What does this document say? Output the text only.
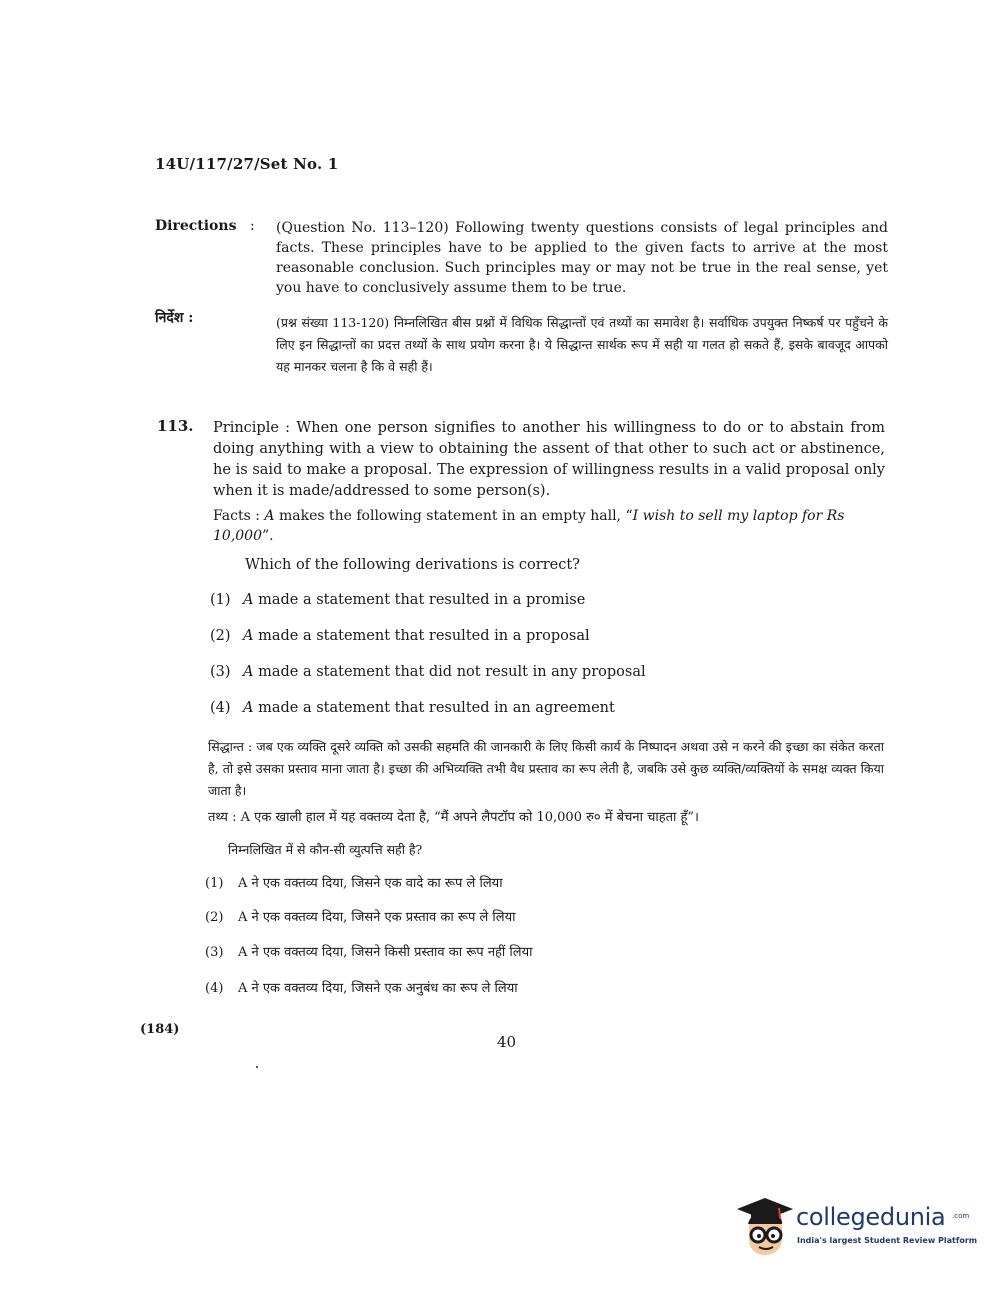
14U/117/27/Set No. 1
Directions : (Question No. 113–120) Following twenty questions consists of legal principles and facts. These principles have to be applied to the given facts to arrive at the most reasonable conclusion. Such principles may or may not be true in the real sense, yet you have to conclusively assume them to be true.
निर्देश :	(प्रश्न संख्या 113-120) निम्नलिखित बीस प्रश्नों में विधिक सिद्धान्तों एवं तथ्यों का समावेश है। सर्वाधिक उपयुक्त निष्कर्ष पर पहुँचने के लिए इन सिद्धान्तों का प्रदत्त तथ्यों के साथ प्रयोग करना है। ये सिद्धान्त सार्थक रूप में सही या गलत हो सकते हैं, इसके बावजूद आपको यह मानकर चलना है कि वे सही हैं।
113. Principle : When one person signifies to another his willingness to do or to abstain from doing anything with a view to obtaining the assent of that other to such act or abstinence, he is said to make a proposal. The expression of willingness results in a valid proposal only when it is made/addressed to some person(s).
Facts : A makes the following statement in an empty hall, “I wish to sell my laptop for Rs 10,000”.
Which of the following derivations is correct?
(1) A made a statement that resulted in a promise
(2) A made a statement that resulted in a proposal
(3) A made a statement that did not result in any proposal
(4) A made a statement that resulted in an agreement
सिद्धान्त : जब एक व्यक्ति दूसरे व्यक्ति को उसकी सहमति की जानकारी के लिए किसी कार्य के निष्पादन अथवा उसे न करने की इच्छा का संकेत करता है, तो इसे उसका प्रस्ताव माना जाता है। इच्छा की अभिव्यक्ति तभी वैध प्रस्ताव का रूप लेती है, जबकि उसे कुछ व्यक्ति/व्यक्तियों के समक्ष व्यक्त किया जाता है।
तथ्य : A एक खाली हाल में यह वक्तव्य देता है, “मैं अपने लैपटॉप को 10,000 रु० में बेचना चाहता हूँ”।
निम्नलिखित में से कौन-सी व्युत्पत्ति सही है?
(1) A ने एक वक्तव्य दिया, जिसने एक वादे का रूप ले लिया
(2) A ने एक वक्तव्य दिया, जिसने एक प्रस्ताव का रूप ले लिया
(3) A ने एक वक्तव्य दिया, जिसने किसी प्रस्ताव का रूप नहीं लिया
(4) A ने एक वक्तव्य दिया, जिसने एक अनुबंध का रूप ले लिया
(184)
40
collegedunia .com
India's largest Student Review Platform
